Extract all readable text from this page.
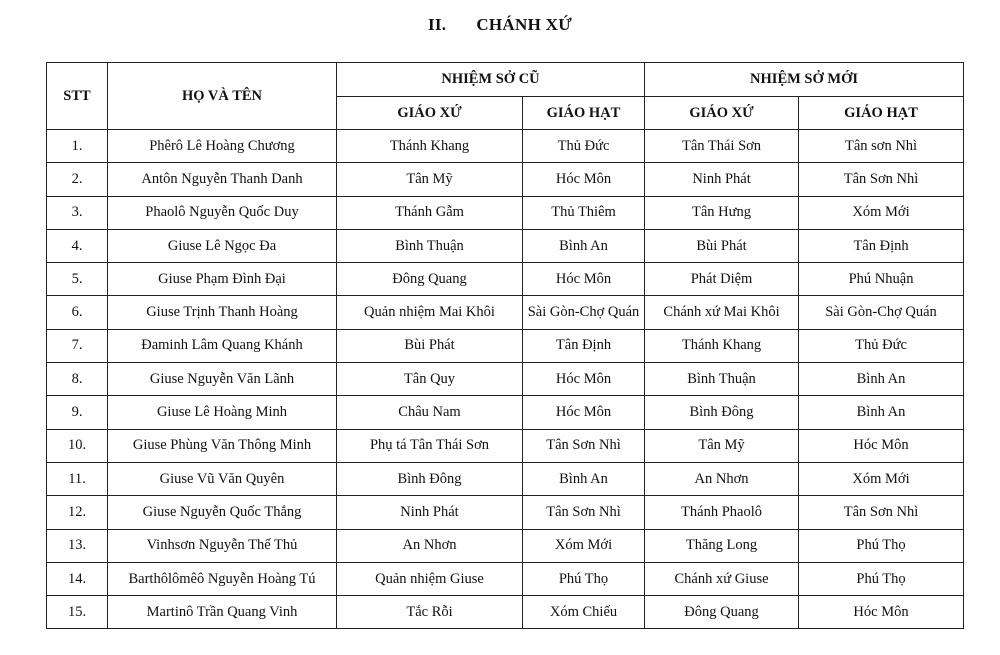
II. CHÁNH XỨ
STT	HỌ VÀ TÊN	NHIỆM SỞ CŨ		NHIỆM SỞ MỚI	
		GIÁO XỨ	GIÁO HẠT	GIÁO XỨ	GIÁO HẠT
1.	Phêrô Lê Hoàng Chương	Thánh Khang	Thủ Đức	Tân Thái Sơn	Tân sơn Nhì
2.	Antôn Nguyễn Thanh Danh	Tân Mỹ	Hóc Môn	Ninh Phát	Tân Sơn Nhì
3.	Phaolô Nguyễn Quốc Duy	Thánh Gẫm	Thủ Thiêm	Tân Hưng	Xóm Mới
4.	Giuse Lê Ngọc Đa	Bình Thuận	Bình An	Bùi Phát	Tân Định
5.	Giuse Phạm Đình Đại	Đông Quang	Hóc Môn	Phát Diệm	Phú Nhuận
6.	Giuse Trịnh Thanh Hoàng	Quản nhiệm Mai Khôi	Sài Gòn-Chợ Quán	Chánh xứ Mai Khôi	Sài Gòn-Chợ Quán
7.	Đaminh Lâm Quang Khánh	Bùi Phát	Tân Định	Thánh Khang	Thủ Đức
8.	Giuse Nguyễn Văn Lãnh	Tân Quy	Hóc Môn	Bình Thuận	Bình An
9.	Giuse Lê Hoàng Minh	Châu Nam	Hóc Môn	Bình Đông	Bình An
10.	Giuse Phùng Văn Thông Minh	Phụ tá Tân Thái Sơn	Tân Sơn Nhì	Tân Mỹ	Hóc Môn
11.	Giuse Vũ Văn Quyên	Bình Đông	Bình An	An Nhơn	Xóm Mới
12.	Giuse Nguyễn Quốc Thắng	Ninh Phát	Tân Sơn Nhì	Thánh Phaolô	Tân Sơn Nhì
13.	Vinhsơn Nguyễn Thế Thủ	An Nhơn	Xóm Mới	Thăng Long	Phú Thọ
14.	Barthôlômêô Nguyễn Hoàng Tú	Quản nhiệm Giuse	Phú Thọ	Chánh xứ Giuse	Phú Thọ
15.	Martinô Trần Quang Vinh	Tắc Rỗi	Xóm Chiếu	Đông Quang	Hóc Môn
